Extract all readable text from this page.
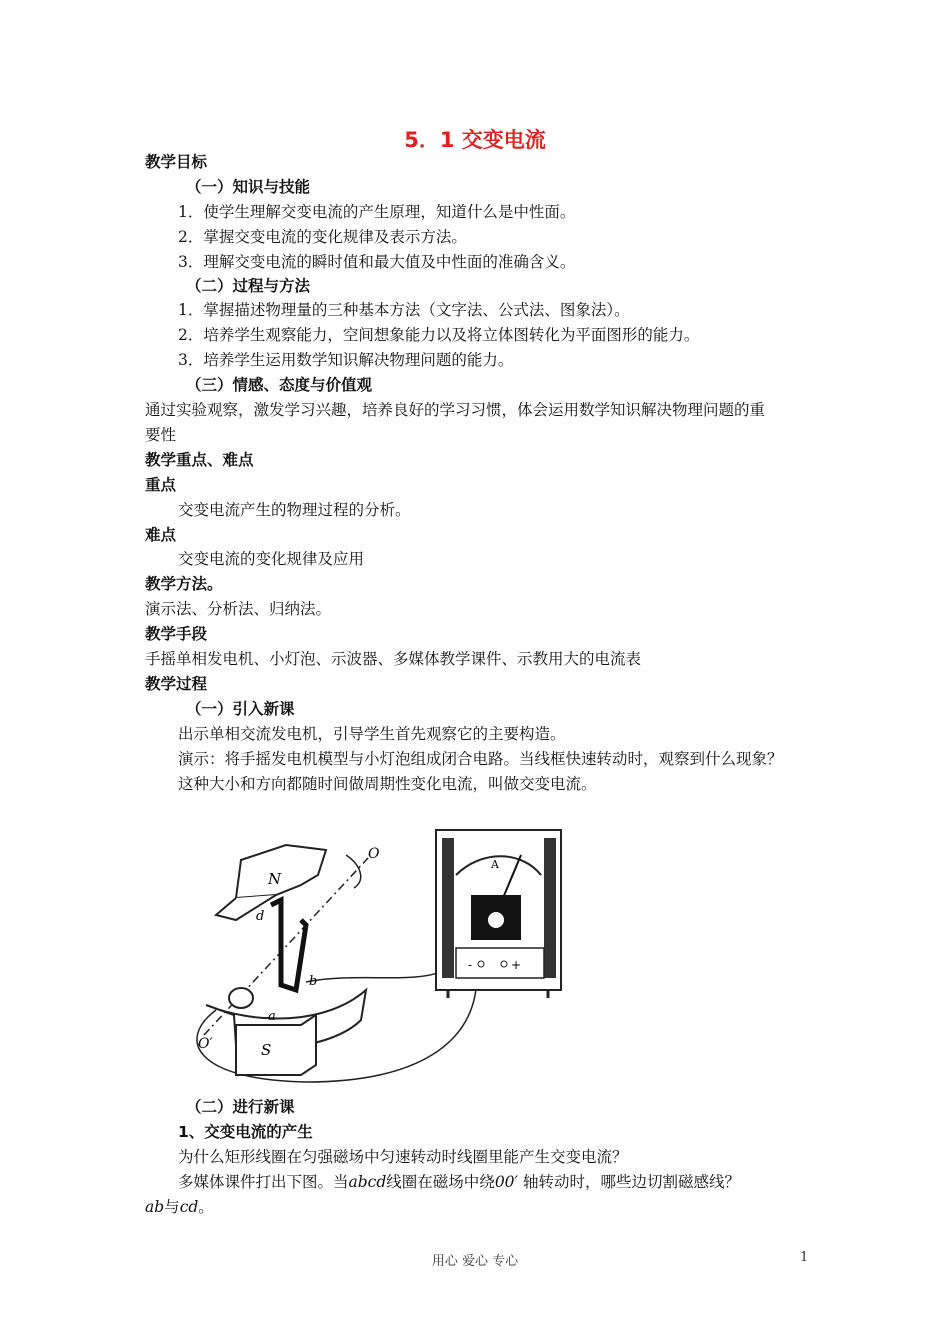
5．1 交变电流
教学目标
（一）知识与技能
1．使学生理解交变电流的产生原理，知道什么是中性面。
2．掌握交变电流的变化规律及表示方法。
3．理解交变电流的瞬时值和最大值及中性面的准确含义。
（二）过程与方法
1．掌握描述物理量的三种基本方法（文字法、公式法、图象法）。
2．培养学生观察能力，空间想象能力以及将立体图转化为平面图形的能力。
3．培养学生运用数学知识解决物理问题的能力。
（三）情感、态度与价值观
通过实验观察，激发学习兴趣，培养良好的学习习惯，体会运用数学知识解决物理问题的重
要性
教学重点、难点
重点
交变电流产生的物理过程的分析。
难点
交变电流的变化规律及应用
教学方法。
演示法、分析法、归纳法。
教学手段
手摇单相发电机、小灯泡、示波器、多媒体教学课件、示教用大的电流表
教学过程
（一）引入新课
出示单相交流发电机，引导学生首先观察它的主要构造。
演示：将手摇发电机模型与小灯泡组成闭合电路。当线框快速转动时，观察到什么现象？
这种大小和方向都随时间做周期性变化电流，叫做交变电流。
N
S
O
O′
d
b
a
A
-	+
（二）进行新课
1、交变电流的产生
为什么矩形线圈在匀强磁场中匀速转动时线圈里能产生交变电流？
多媒体课件打出下图。当abcd线圈在磁场中绕00′ 轴转动时，哪些边切割磁感线？
ab与cd。
用心 爱心 专心	1
